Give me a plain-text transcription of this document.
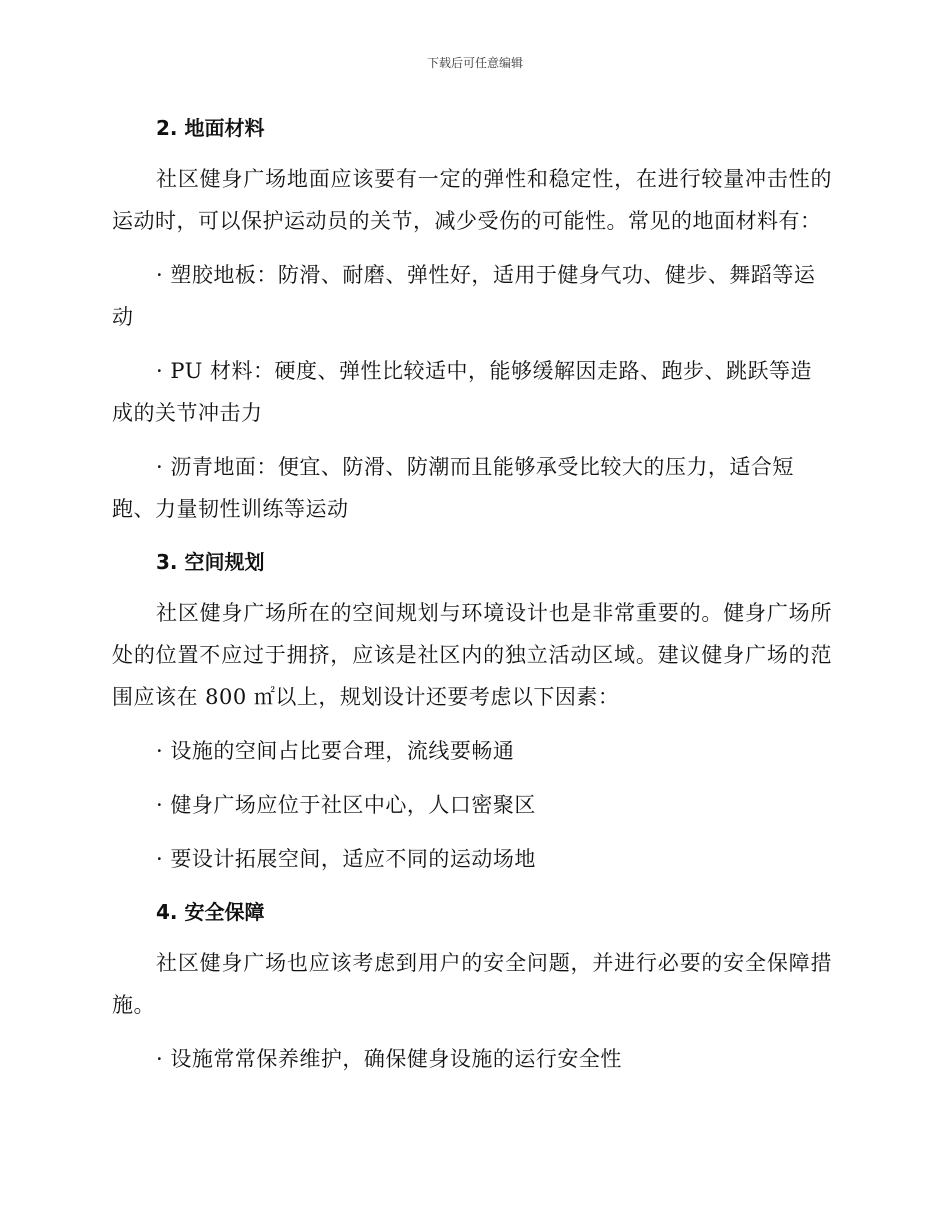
下载后可任意编辑
2. 地面材料

社区健身广场地面应该要有一定的弹性和稳定性，在进行较量冲击性的运动时，可以保护运动员的关节，减少受伤的可能性。常见的地面材料有：

· 塑胶地板：防滑、耐磨、弹性好，适用于健身气功、健步、舞蹈等运动

· PU 材料：硬度、弹性比较适中，能够缓解因走路、跑步、跳跃等造成的关节冲击力

· 沥青地面：便宜、防滑、防潮而且能够承受比较大的压力，适合短跑、力量韧性训练等运动

3. 空间规划

社区健身广场所在的空间规划与环境设计也是非常重要的。健身广场所处的位置不应过于拥挤，应该是社区内的独立活动区域。建议健身广场的范围应该在 800 ㎡以上，规划设计还要考虑以下因素：

· 设施的空间占比要合理，流线要畅通

· 健身广场应位于社区中心，人口密聚区

· 要设计拓展空间，适应不同的运动场地

4. 安全保障

社区健身广场也应该考虑到用户的安全问题，并进行必要的安全保障措施。

· 设施常常保养维护，确保健身设施的运行安全性
